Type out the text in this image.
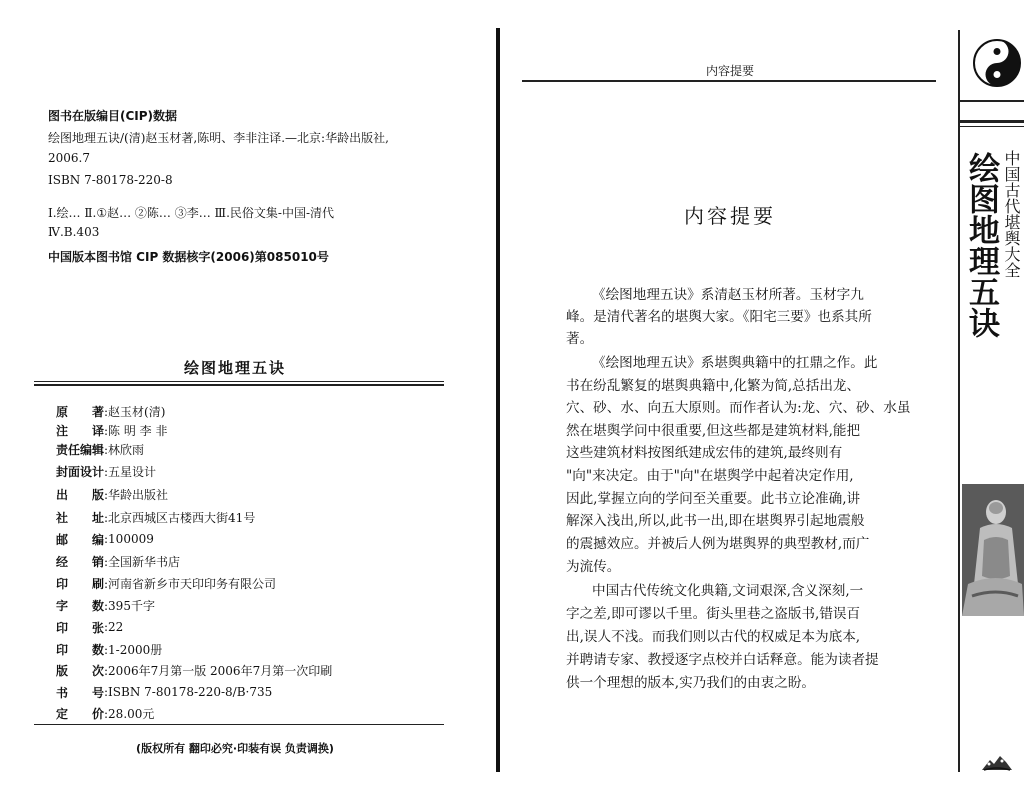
图书在版编目(CIP)数据
绘图地理五诀/(清)赵玉材著,陈明、李非注译.—北京:华龄出版社,
2006.7
ISBN 7-80178-220-8
Ⅰ.绘… Ⅱ.①赵… ②陈… ③李… Ⅲ.民俗文集-中国-清代
Ⅳ.B.403
中国版本图书馆 CIP 数据核字(2006)第085010号
绘图地理五诀
原 著 :赵玉材(清)
注 译 :陈 明 李 非
责任编辑 :林欣雨
封面设计 :五星设计
出 版 :华龄出版社
社 址 :北京西城区古楼西大街41号
邮 编 :100009
经 销 :全国新华书店
印 刷 :河南省新乡市天印印务有限公司
字 数 :395千字
印 张 :22
印 数 :1-2000册
版 次 :2006年7月第一版 2006年7月第一次印刷
书 号 :ISBN 7-80178-220-8/B·735
定 价 :28.00元
(版权所有 翻印必究·印装有误 负责调换)
内容提要
内容提要
《绘图地理五诀》系清赵玉材所著。玉材字九
峰。是清代著名的堪舆大家。《阳宅三要》也系其所
著。
《绘图地理五诀》系堪舆典籍中的扛鼎之作。此
书在纷乱繁复的堪舆典籍中,化繁为简,总括出龙、
穴、砂、水、向五大原则。而作者认为:龙、穴、砂、水虽
然在堪舆学问中很重要,但这些都是建筑材料,能把
这些建筑材料按图纸建成宏伟的建筑,最终则有
"向"来决定。由于"向"在堪舆学中起着决定作用,
因此,掌握立向的学问至关重要。此书立论准确,讲
解深入浅出,所以,此书一出,即在堪舆界引起地震般
的震撼效应。并被后人例为堪舆界的典型教材,而广
为流传。
中国古代传统文化典籍,文词艰深,含义深刻,一
字之差,即可谬以千里。街头里巷之盗版书,错误百
出,误人不浅。而我们则以古代的权威足本为底本,
并聘请专家、教授逐字点校并白话释意。能为读者提
供一个理想的版本,实乃我们的由衷之盼。
绘图地理五诀 中国古代堪舆大全
